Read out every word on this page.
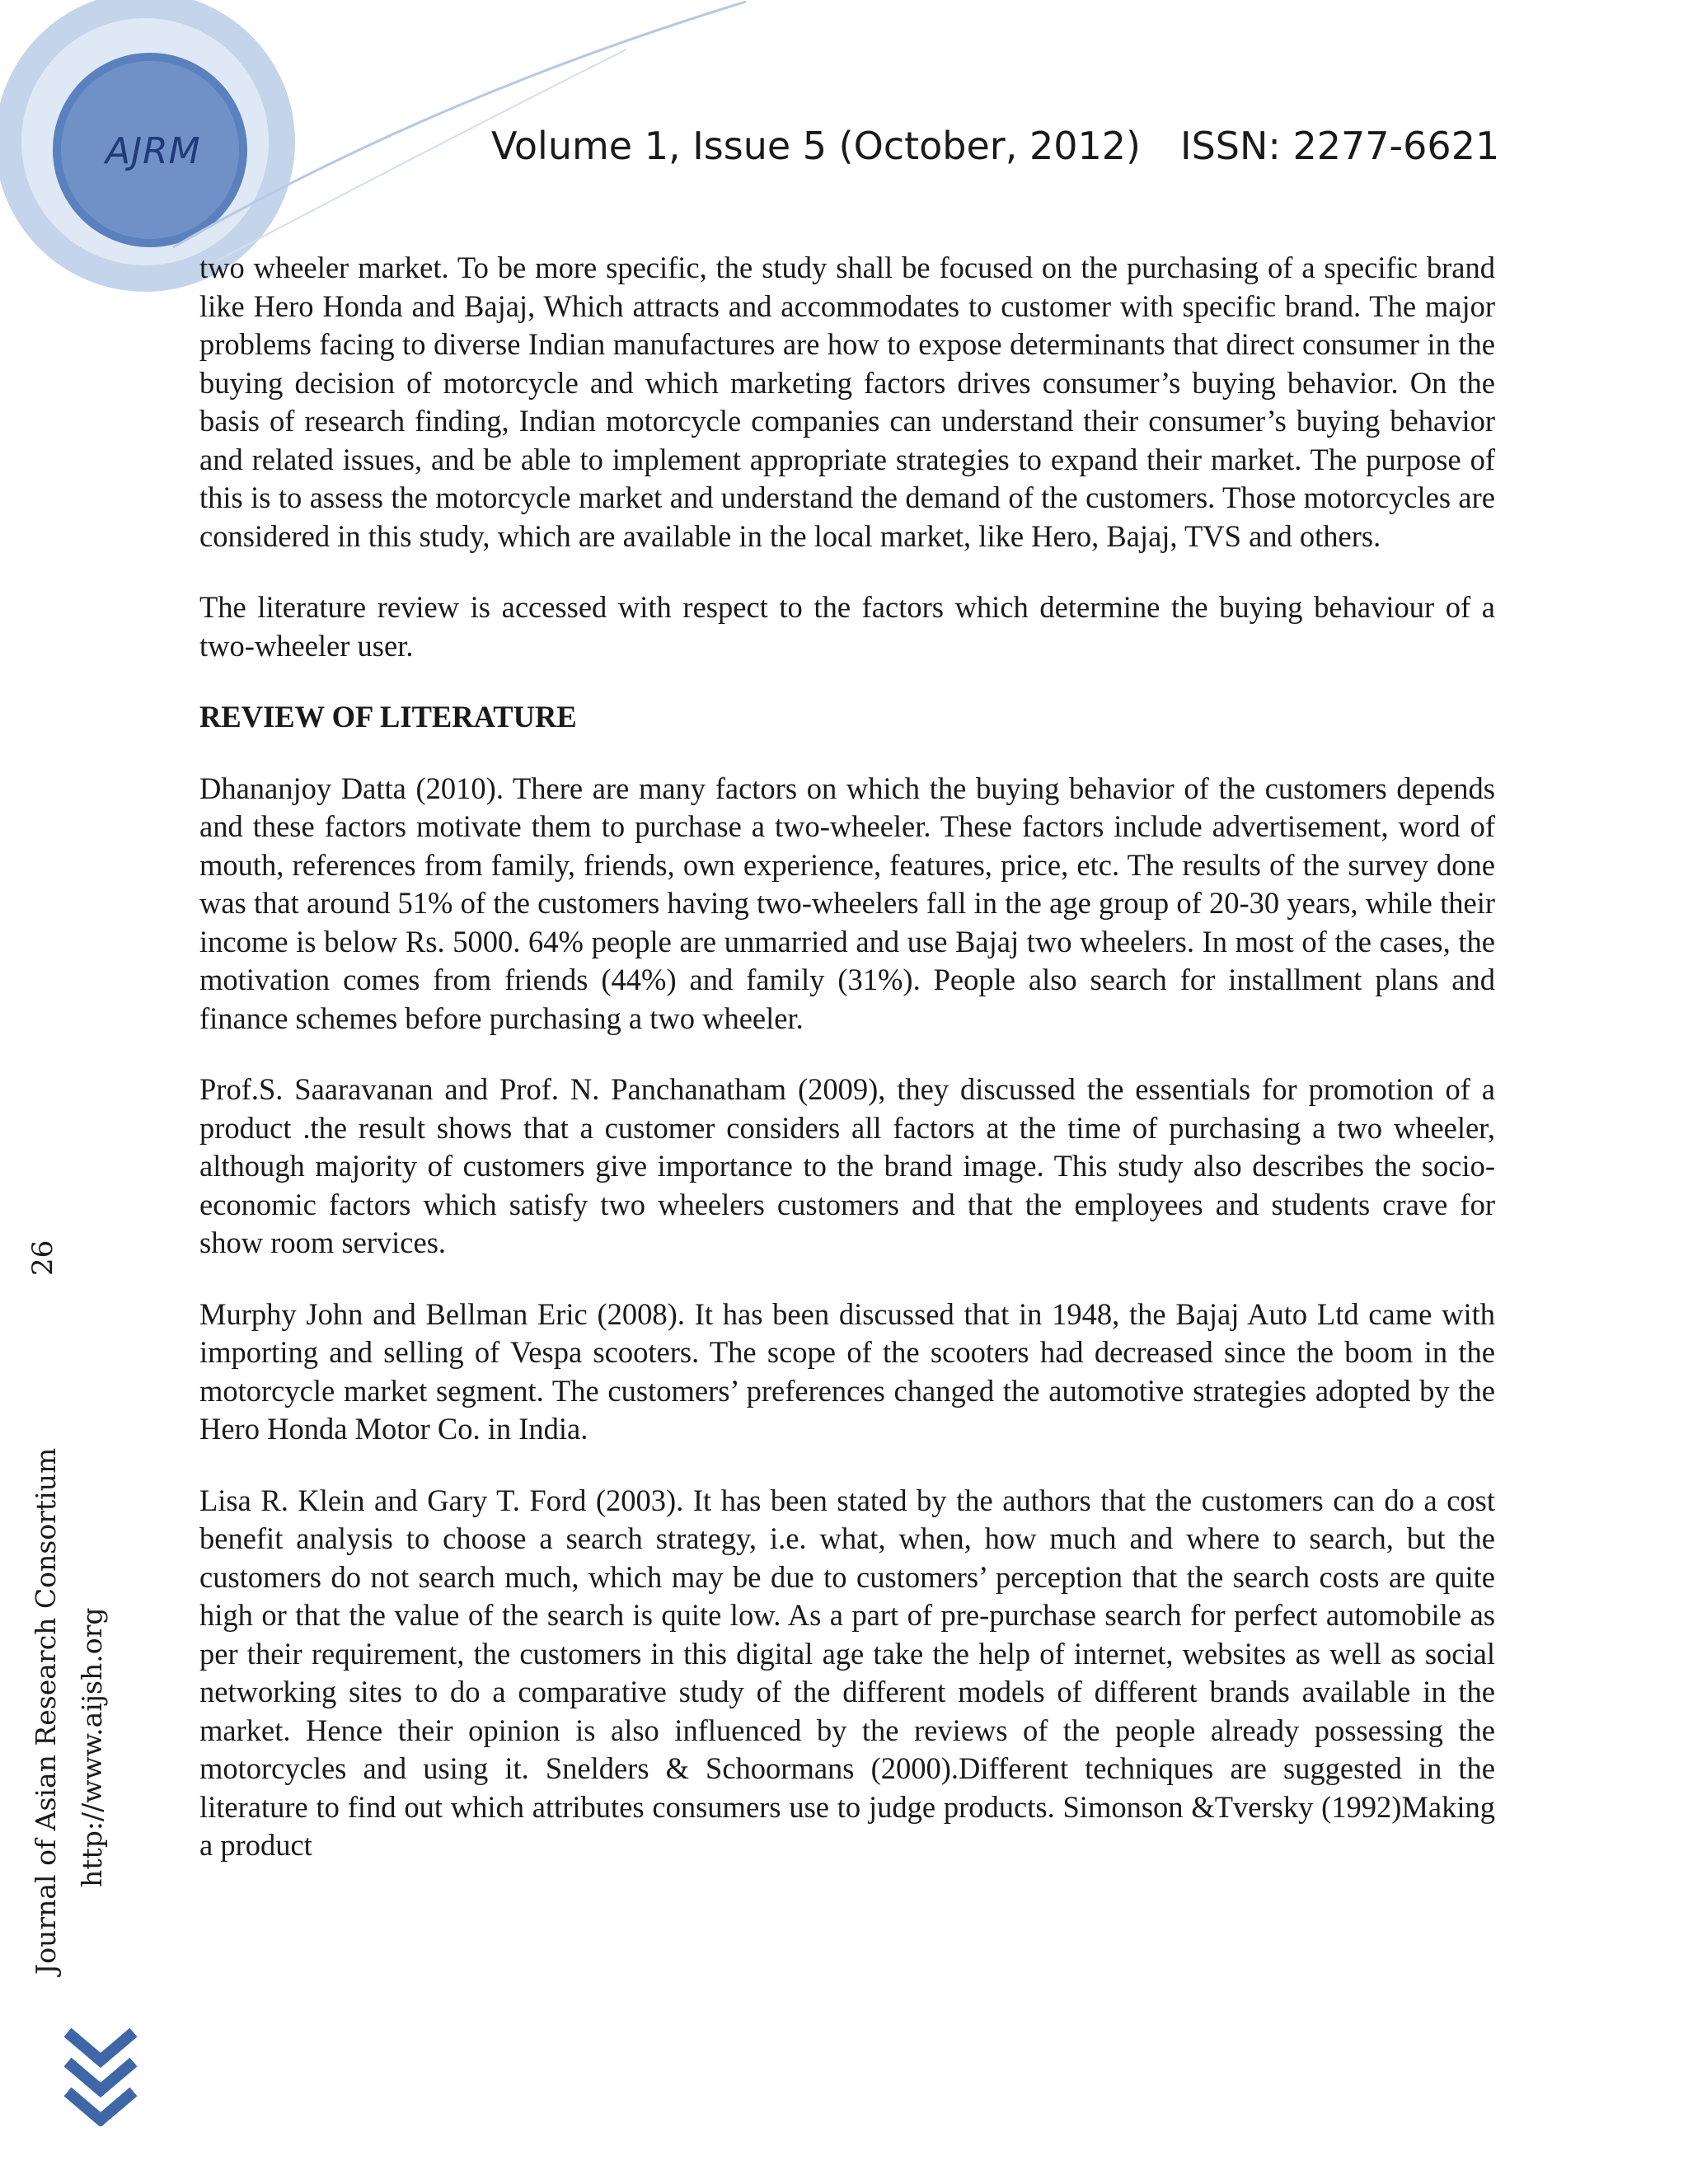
AJRM	Volume 1, Issue 5 (October, 2012) ISSN: 2277-6621
26
Journal of Asian Research Consortium http://www.aijsh.org

two wheeler market. To be more specific, the study shall be focused on the purchasing of a specific brand like Hero Honda and Bajaj, Which attracts and accommodates to customer with specific brand. The major problems facing to diverse Indian manufactures are how to expose determinants that direct consumer in the buying decision of motorcycle and which marketing factors drives consumer’s buying behavior. On the basis of research finding, Indian motorcycle companies can understand their consumer’s buying behavior and related issues, and be able to implement appropriate strategies to expand their market. The purpose of this is to assess the motorcycle market and understand the demand of the customers. Those motorcycles are considered in this study, which are available in the local market, like Hero, Bajaj, TVS and others.

The literature review is accessed with respect to the factors which determine the buying behaviour of a two-wheeler user.

REVIEW OF LITERATURE

Dhananjoy Datta (2010). There are many factors on which the buying behavior of the customers depends and these factors motivate them to purchase a two-wheeler. These factors include advertisement, word of mouth, references from family, friends, own experience, features, price, etc. The results of the survey done was that around 51% of the customers having two-wheelers fall in the age group of 20-30 years, while their income is below Rs. 5000. 64% people are unmarried and use Bajaj two wheelers. In most of the cases, the motivation comes from friends (44%) and family (31%). People also search for installment plans and finance schemes before purchasing a two wheeler.

Prof.S. Saaravanan and Prof. N. Panchanatham (2009), they discussed the essentials for promotion of a product .the result shows that a customer considers all factors at the time of purchasing a two wheeler, although majority of customers give importance to the brand image. This study also describes the socio-economic factors which satisfy two wheelers customers and that the employees and students crave for show room services.

Murphy John and Bellman Eric (2008). It has been discussed that in 1948, the Bajaj Auto Ltd came with importing and selling of Vespa scooters. The scope of the scooters had decreased since the boom in the motorcycle market segment. The customers’ preferences changed the automotive strategies adopted by the Hero Honda Motor Co. in India.

Lisa R. Klein and Gary T. Ford (2003). It has been stated by the authors that the customers can do a cost benefit analysis to choose a search strategy, i.e. what, when, how much and where to search, but the customers do not search much, which may be due to customers’ perception that the search costs are quite high or that the value of the search is quite low. As a part of pre-purchase search for perfect automobile as per their requirement, the customers in this digital age take the help of internet, websites as well as social networking sites to do a comparative study of the different models of different brands available in the market. Hence their opinion is also influenced by the reviews of the people already possessing the motorcycles and using it. Snelders & Schoormans (2000).Different techniques are suggested in the literature to find out which attributes consumers use to judge products. Simonson &Tversky (1992)Making a product
